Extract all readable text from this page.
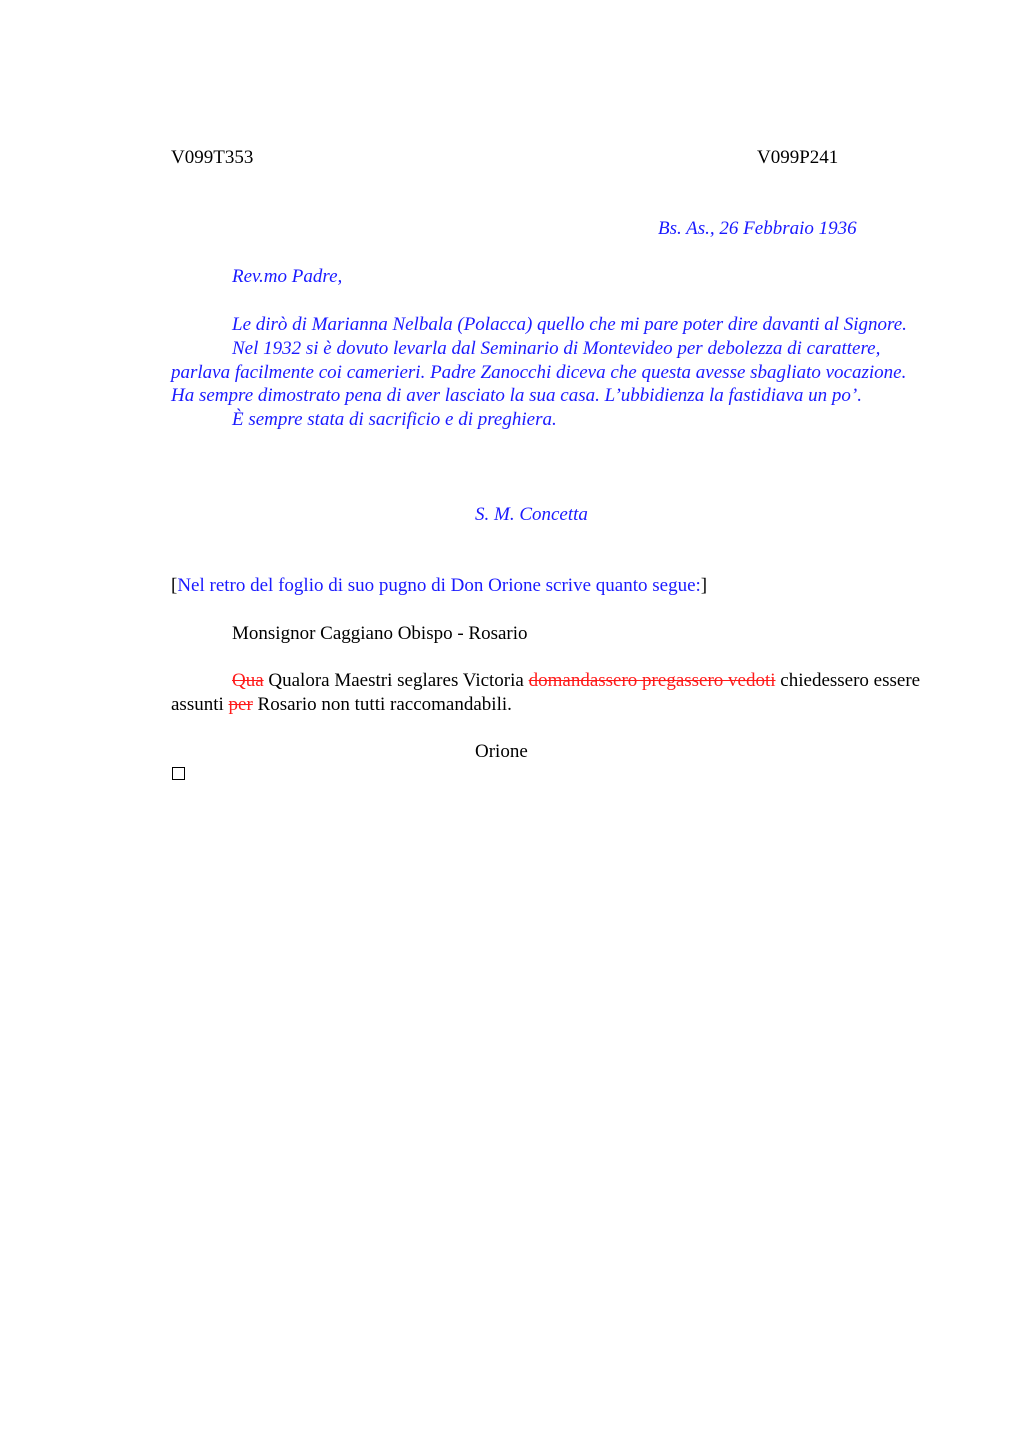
V099T353	V099P241
Bs. As., 26 Febbraio 1936
Rev.mo Padre,

Le dirò di Marianna Nelbala (Polacca) quello che mi pare poter dire davanti al Signore.

Nel 1932 si è dovuto levarla dal Seminario di Montevideo per debolezza di carattere, parlava facilmente coi camerieri. Padre Zanocchi diceva che questa avesse sbagliato vocazione. Ha sempre dimostrato pena di aver lasciato la sua casa. L’ubbidienza la fastidiava un po’.

È sempre stata di sacrificio e di preghiera.

S. M. Concetta
[Nel retro del foglio di suo pugno di Don Orione scrive quanto segue:]
Monsignor Caggiano Obispo - Rosario

Qua Qualora Maestri seglares Victoria domandassero pregassero vedoti chiedessero essere assunti per Rosario non tutti raccomandabili.

Orione
